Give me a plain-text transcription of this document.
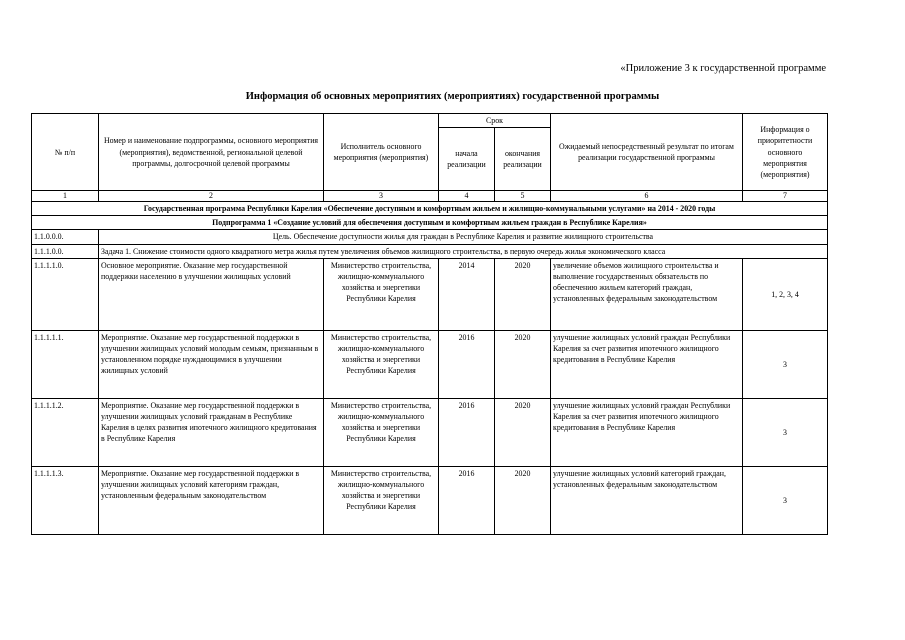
«Приложение 3 к государственной программе
Информация об основных мероприятиях (мероприятиях) государственной программы
№ п/п	Номер и наименование подпрограммы, основного мероприятия (мероприятия), ведомственной, региональной целевой программы, долгосрочной целевой программы	Исполнитель основного мероприятия (мероприятия)	Срок		Ожидаемый непосредственный результат по итогам реализации государственной программы	Информация о приоритетности основного мероприятия (мероприятия)
			начала реализации	окончания реализации		
1	2	3	4	5	6	7
Государственная программа Республики Карелия «Обеспечение доступным и комфортным жильем и жилищно-коммунальными услугами» на 2014 - 2020 годы						
Подпрограмма 1 «Создание условий для обеспечения доступным и комфортным жильем граждан в Республике Карелия»						
1.1.0.0.0.	Цель. Обеспечение доступности жилья для граждан в Республике Карелия и развитие жилищного строительства					
1.1.1.0.0.	Задача 1. Снижение стоимости одного квадратного метра жилья путем увеличения объемов жилищного строительства, в первую очередь жилья экономического класса					
1.1.1.1.0.	Основное мероприятие. Оказание мер государственной поддержки населению в улучшении жилищных условий	Министерство строительства, жилищно-коммунального хозяйства и энергетики Республики Карелия	2014	2020	увеличение объемов жилищного строительства и выполнение государственных обязательств по обеспечению жильем категорий граждан, установленных федеральным законодательством	1, 2, 3, 4
1.1.1.1.1.	Мероприятие. Оказание мер государственной поддержки в улучшении жилищных условий молодым семьям, признанным в установленном порядке нуждающимися в улучшении жилищных условий	Министерство строительства, жилищно-коммунального хозяйства и энергетики Республики Карелия	2016	2020	улучшение жилищных условий граждан Республики Карелия за счет развития ипотечного жилищного кредитования в Республике Карелия	3
1.1.1.1.2.	Мероприятие. Оказание мер государственной поддержки в улучшении жилищных условий гражданам в Республике Карелия в целях развития ипотечного жилищного кредитования в Республике Карелия	Министерство строительства, жилищно-коммунального хозяйства и энергетики Республики Карелия	2016	2020	улучшение жилищных условий граждан Республики Карелия за счет развития ипотечного жилищного кредитования в Республике Карелия	3
1.1.1.1.3.	Мероприятие. Оказание мер государственной поддержки в улучшении жилищных условий категориям граждан, установленным федеральным законодательством	Министерство строительства, жилищно-коммунального хозяйства и энергетики Республики Карелия	2016	2020	улучшение жилищных условий категорий граждан, установленных федеральным законодательством	3
